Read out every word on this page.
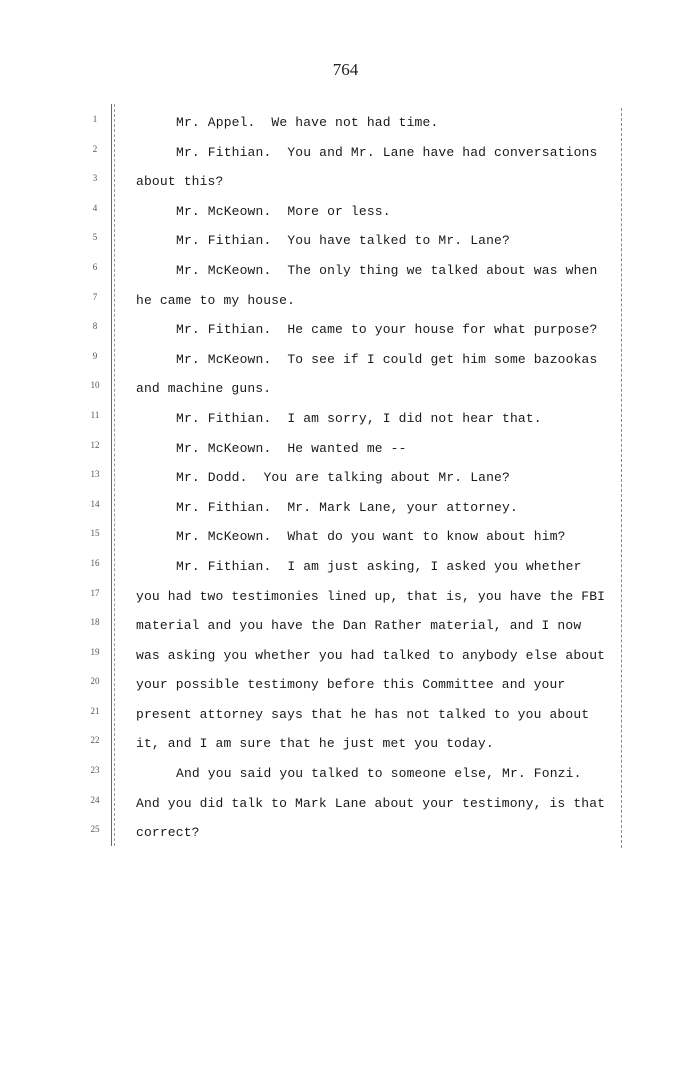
764
1	Mr. Appel.  We have not had time.
2	Mr. Fithian.  You and Mr. Lane have had conversations
3	about this?
4	Mr. McKeown.  More or less.
5	Mr. Fithian.  You have talked to Mr. Lane?
6	Mr. McKeown.  The only thing we talked about was when
7	he came to my house.
8	Mr. Fithian.  He came to your house for what purpose?
9	Mr. McKeown.  To see if I could get him some bazookas
10	and machine guns.
11	Mr. Fithian.  I am sorry, I did not hear that.
12	Mr. McKeown.  He wanted me --
13	Mr. Dodd.  You are talking about Mr. Lane?
14	Mr. Fithian.  Mr. Mark Lane, your attorney.
15	Mr. McKeown.  What do you want to know about him?
16	Mr. Fithian.  I am just asking, I asked you whether
17	you had two testimonies lined up, that is, you have the FBI
18	material and you have the Dan Rather material, and I now
19	was asking you whether you had talked to anybody else about
20	your possible testimony before this Committee and your
21	present attorney says that he has not talked to you about
22	it, and I am sure that he just met you today.
23	And you said you talked to someone else, Mr. Fonzi.
24	And you did talk to Mark Lane about your testimony, is that
25	correct?
